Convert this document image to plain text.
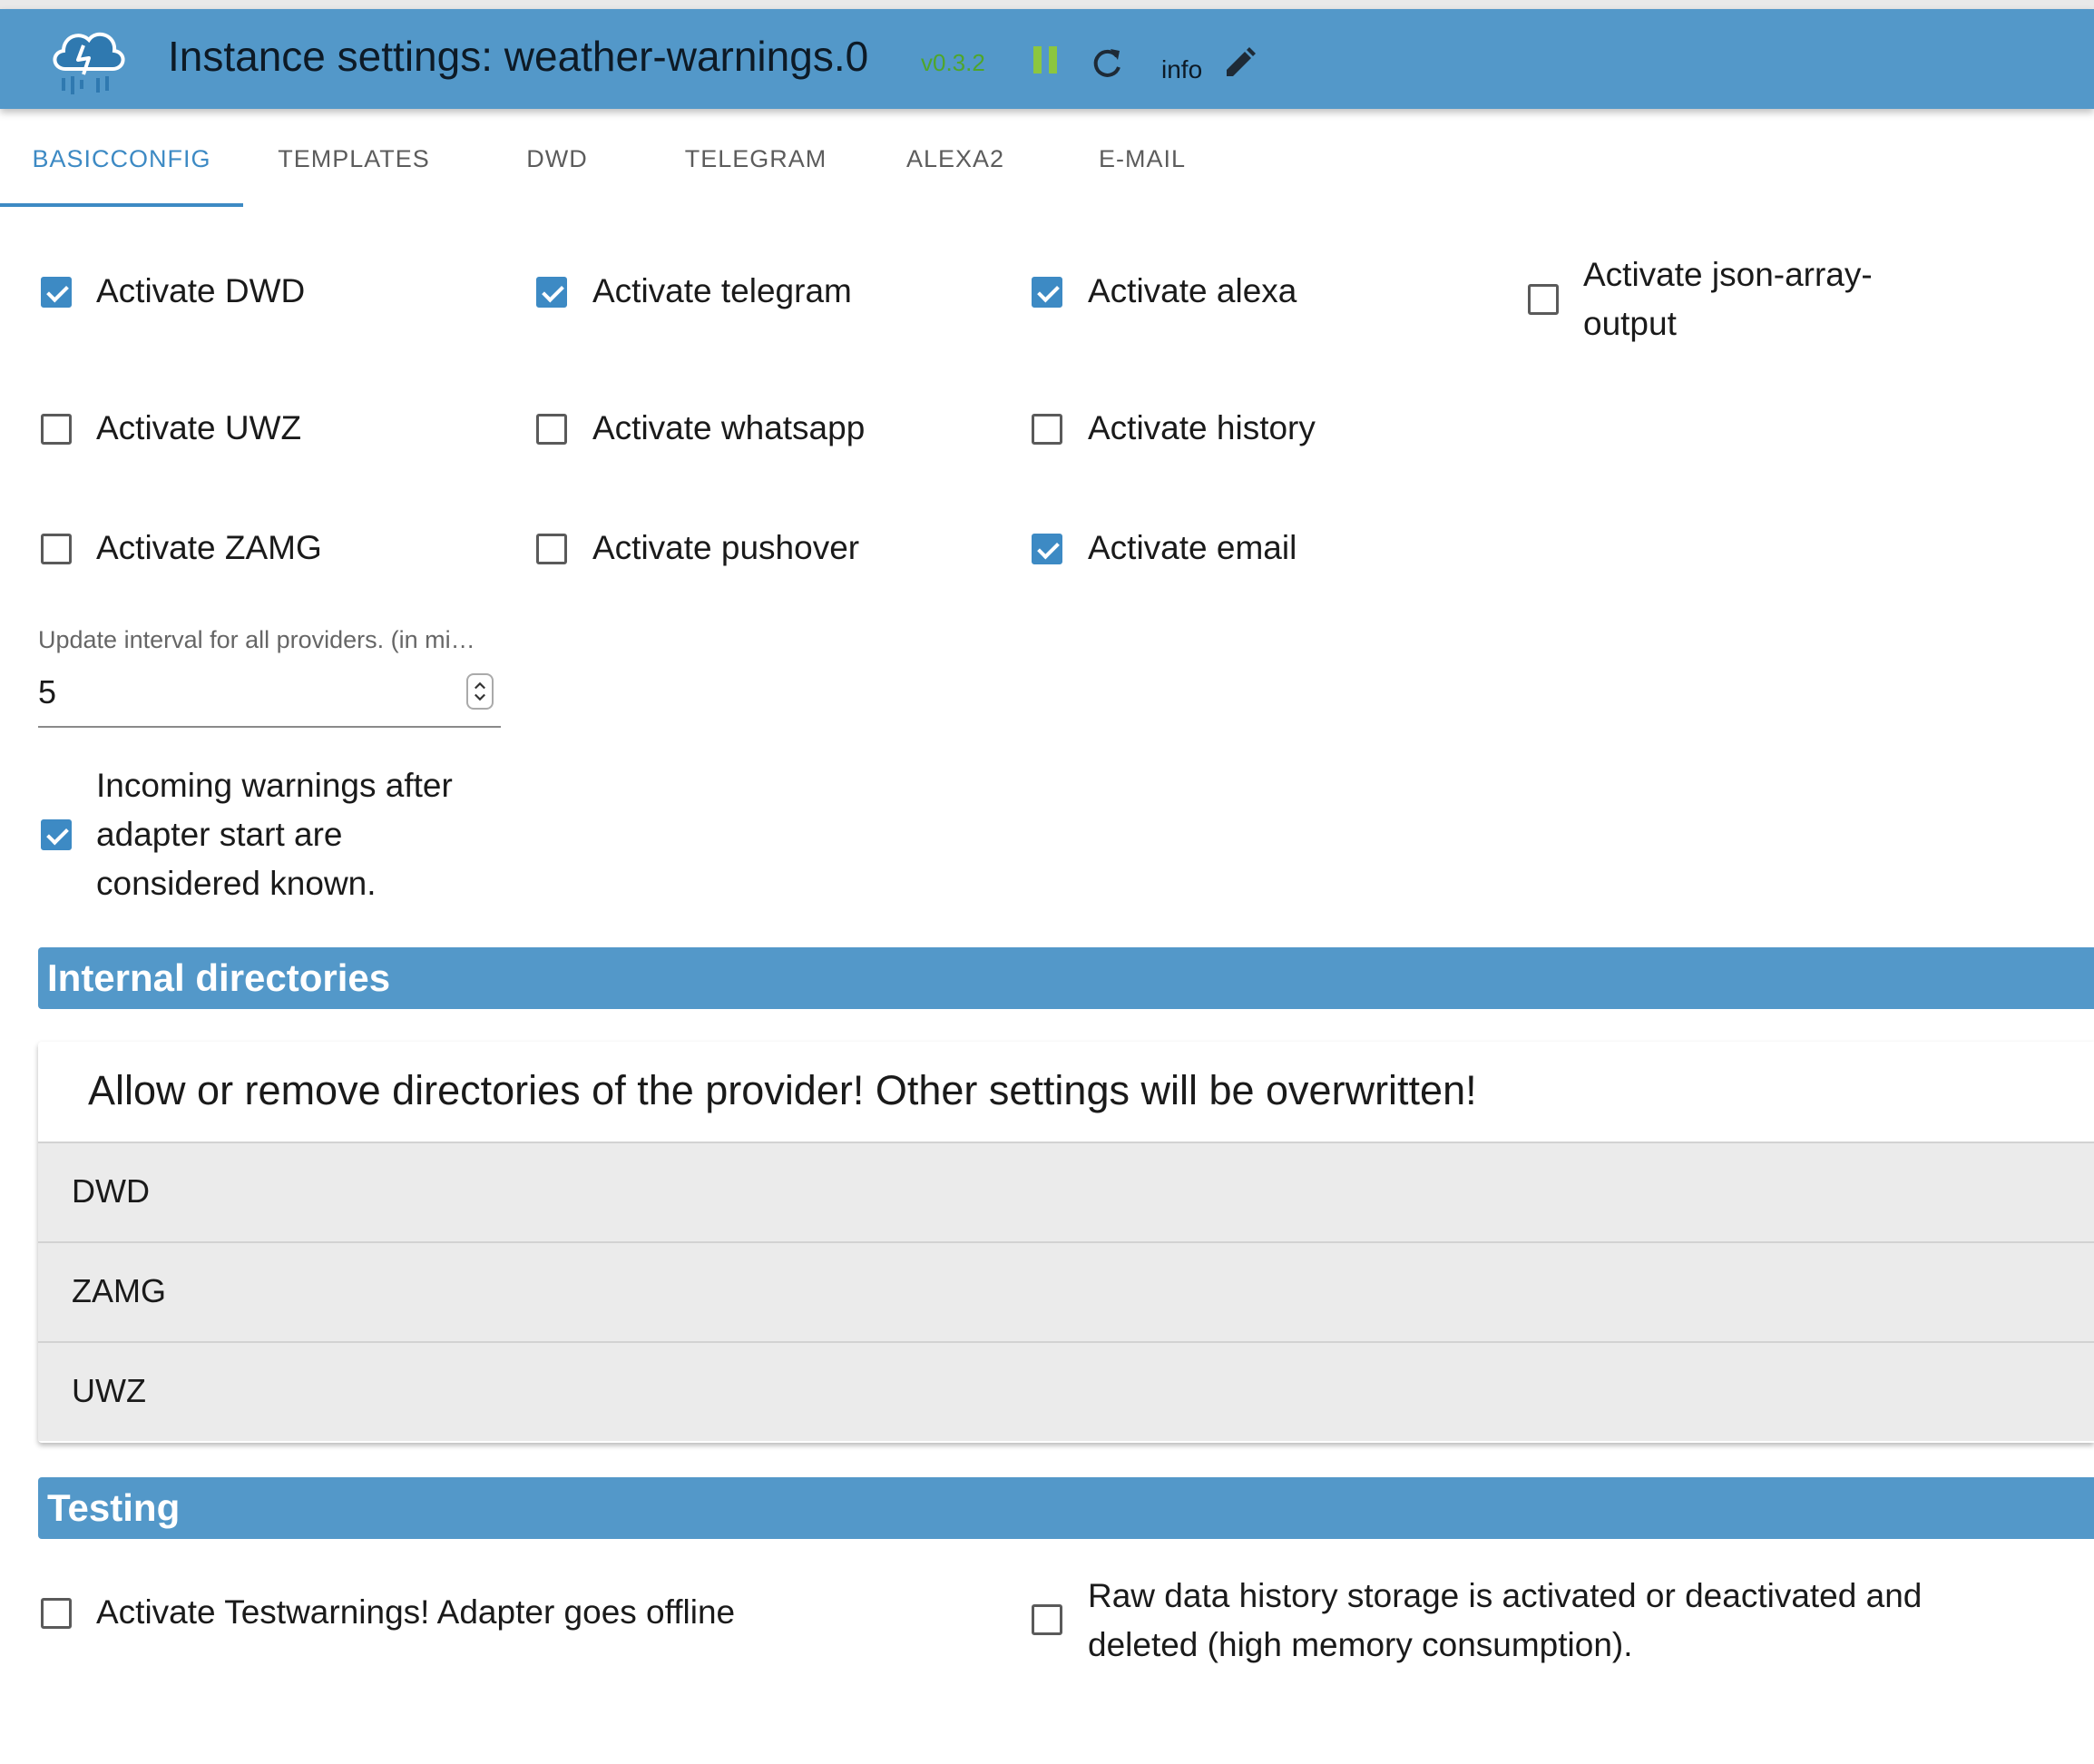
Instance settings: weather-warnings.0 v0.3.2	info
BASICCONFIG	TEMPLATES	DWD	TELEGRAM	ALEXA2	E-MAIL
Activate DWD	Activate telegram	Activate alexa	Activate json-array-output
Activate UWZ	Activate whatsapp	Activate history
Activate ZAMG	Activate pushover	Activate email
Update interval for all providers. (in mi…
5
Incoming warnings after adapter start are considered known.
Internal directories
Allow or remove directories of the provider! Other settings will be overwritten!
DWD
ZAMG
UWZ
Testing
Activate Testwarnings! Adapter goes offline	Raw data history storage is activated or deactivated and deleted (high memory consumption).
